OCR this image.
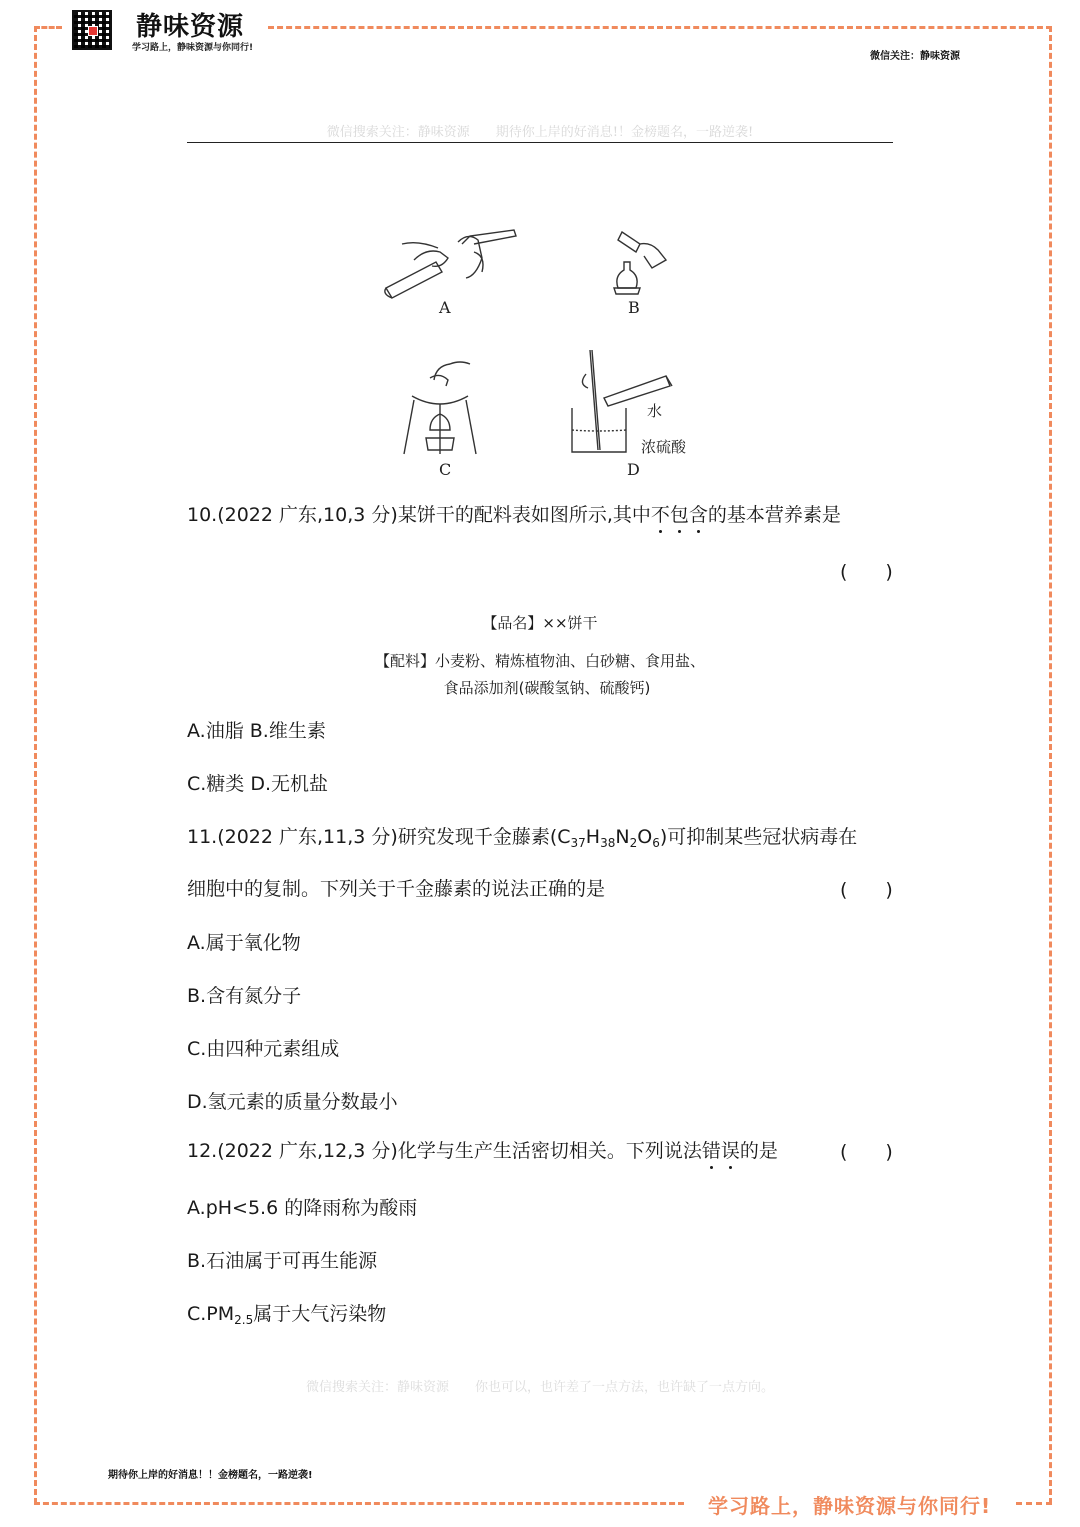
静味资源
学习路上，静味资源与你同行!
微信关注：静味资源
微信搜索关注：静味资源　　期待你上岸的好消息!！金榜题名，一路逆袭!
A	B
C
水
浓硫酸
D
10.(2022 广东,10,3 分)某饼干的配料表如图所示,其中不包含的基本营养素是
(　　)
【品名】××饼干
【配料】小麦粉、精炼植物油、白砂糖、食用盐、
食品添加剂(碳酸氢钠、硫酸钙)
A.油脂 B.维生素
C.糖类 D.无机盐
11.(2022 广东,11,3 分)研究发现千金藤素$(C_{37}H_{38}N_2O_6)$可抑制某些冠状病毒在
细胞中的复制。下列关于千金藤素的说法正确的是	(　　)
A.属于氧化物
B.含有氮分子
C.由四种元素组成
D.氢元素的质量分数最小
12.(2022 广东,12,3 分)化学与生产生活密切相关。下列说法错误的是	(　　)
A.pH<5.6 的降雨称为酸雨
B.石油属于可再生能源
$C.PM_{2.5}$属于大气污染物
微信搜索关注：静味资源　　你也可以，也许差了一点方法，也许缺了一点方向。
期待你上岸的好消息！！金榜题名，一路逆袭!
学习路上，静味资源与你同行!
